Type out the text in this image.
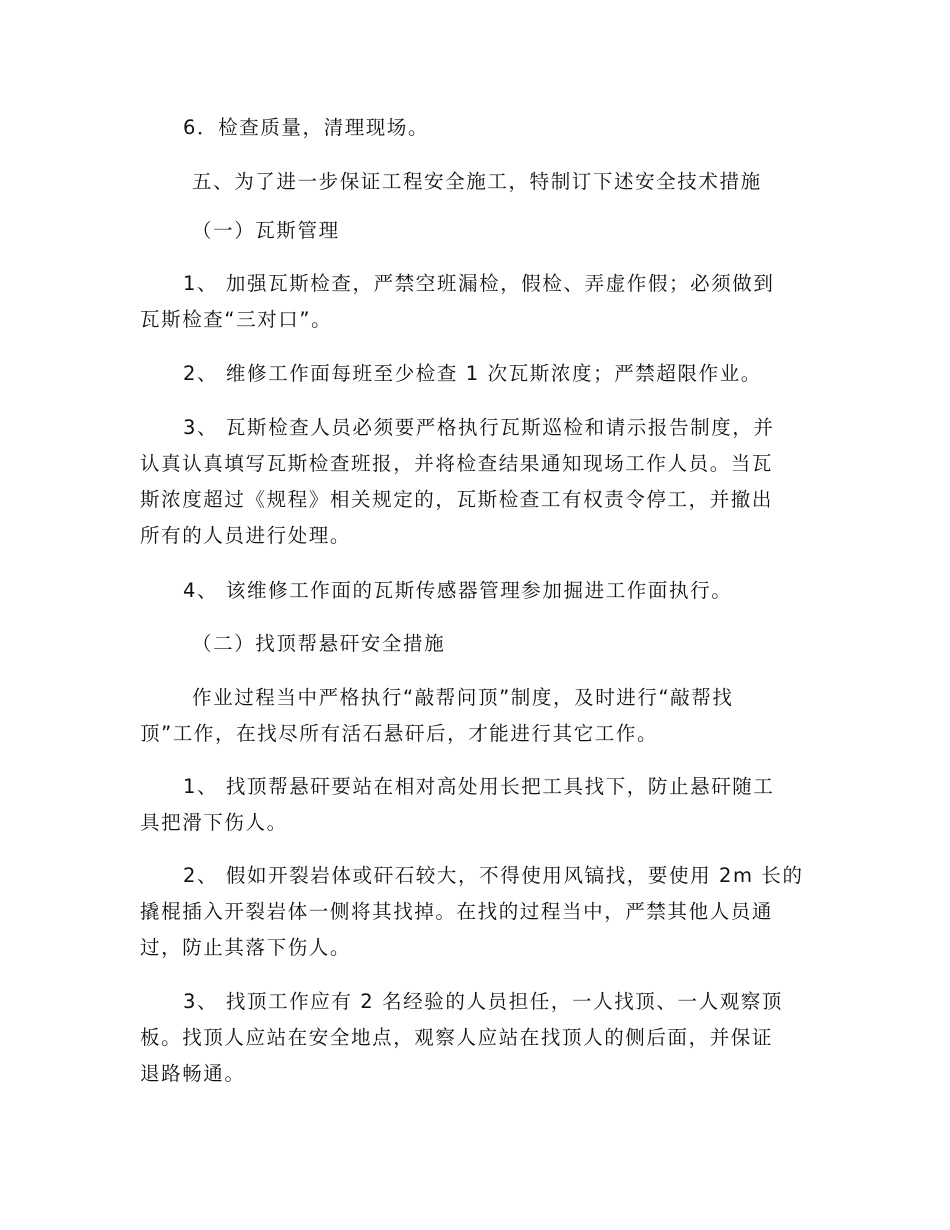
6．检查质量，清理现场。

五、为了进一步保证工程安全施工，特制订下述安全技术措施

（一）瓦斯管理

1、 加强瓦斯检查，严禁空班漏检，假检、弄虚作假；必须做到
瓦斯检查“三对口”。

2、 维修工作面每班至少检查 1 次瓦斯浓度；严禁超限作业。

3、 瓦斯检查人员必须要严格执行瓦斯巡检和请示报告制度，并
认真认真填写瓦斯检查班报，并将检查结果通知现场工作人员。当瓦
斯浓度超过《规程》相关规定的，瓦斯检查工有权责令停工，并撤出
所有的人员进行处理。

4、 该维修工作面的瓦斯传感器管理参加掘进工作面执行。

（二）找顶帮悬矸安全措施

作业过程当中严格执行“敲帮问顶”制度，及时进行“敲帮找
顶”工作，在找尽所有活石悬矸后，才能进行其它工作。

1、 找顶帮悬矸要站在相对高处用长把工具找下，防止悬矸随工
具把滑下伤人。

2、 假如开裂岩体或矸石较大，不得使用风镐找，要使用 2m 长的
撬棍插入开裂岩体一侧将其找掉。在找的过程当中，严禁其他人员通
过，防止其落下伤人。

3、 找顶工作应有 2 名经验的人员担任，一人找顶、一人观察顶
板。找顶人应站在安全地点，观察人应站在找顶人的侧后面，并保证
退路畅通。
